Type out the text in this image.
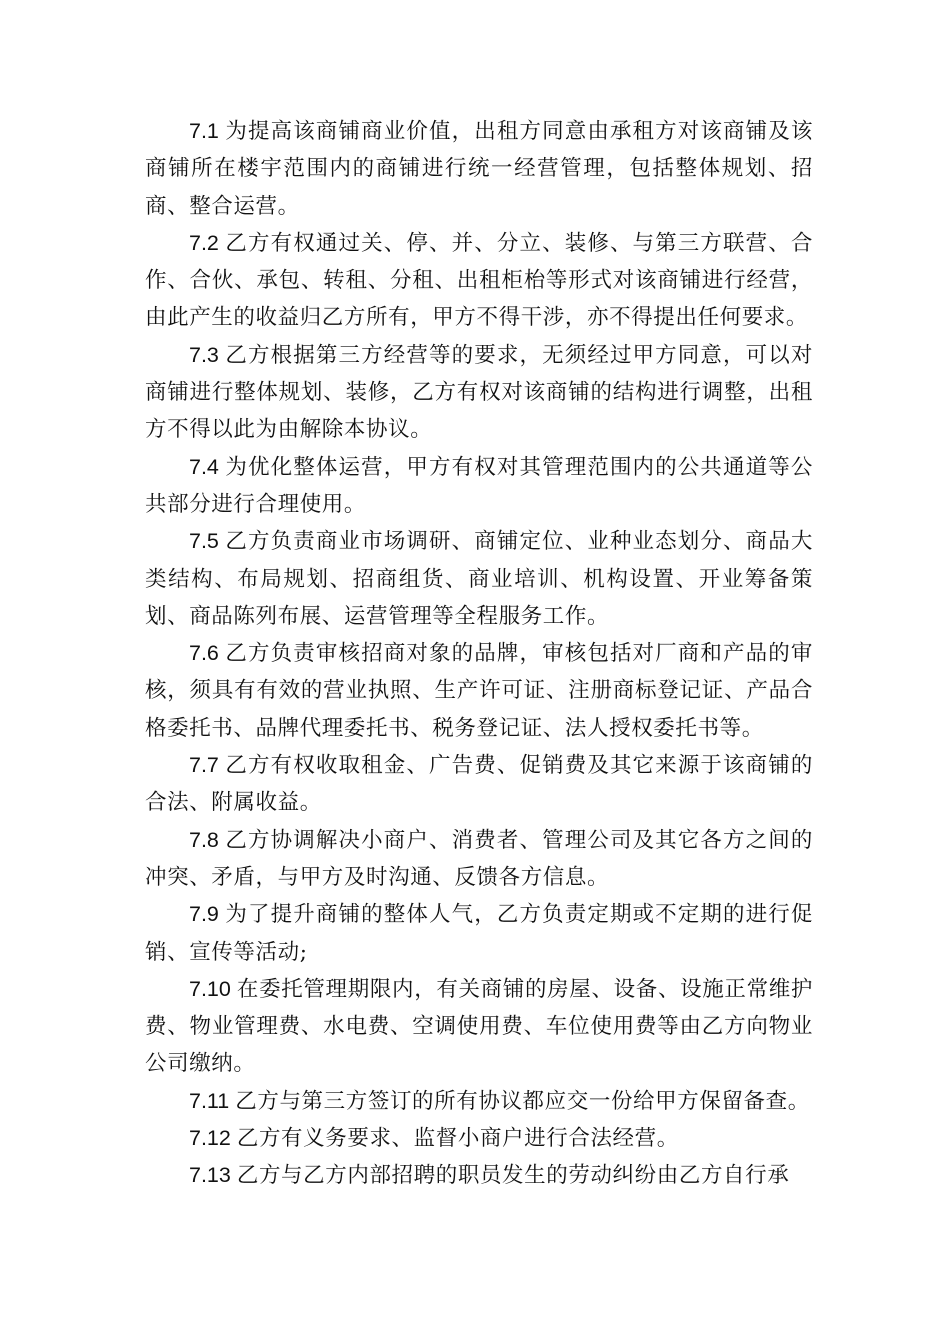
7.1 为提高该商铺商业价值，出租方同意由承租方对该商铺及该商铺所在楼宇范围内的商铺进行统一经营管理，包括整体规划、招商、整合运营。

7.2 乙方有权通过关、停、并、分立、装修、与第三方联营、合作、合伙、承包、转租、分租、出租柜枱等形式对该商铺进行经营，由此产生的收益归乙方所有，甲方不得干涉，亦不得提出任何要求。

7.3 乙方根据第三方经营等的要求，无须经过甲方同意，可以对商铺进行整体规划、装修，乙方有权对该商铺的结构进行调整，出租方不得以此为由解除本协议。

7.4 为优化整体运营，甲方有权对其管理范围内的公共通道等公共部分进行合理使用。

7.5 乙方负责商业市场调研、商铺定位、业种业态划分、商品大类结构、布局规划、招商组货、商业培训、机构设置、开业筹备策划、商品陈列布展、运营管理等全程服务工作。

7.6 乙方负责审核招商对象的品牌，审核包括对厂商和产品的审核，须具有有效的营业执照、生产许可证、注册商标登记证、产品合格委托书、品牌代理委托书、税务登记证、法人授权委托书等。

7.7 乙方有权收取租金、广告费、促销费及其它来源于该商铺的合法、附属收益。

7.8 乙方协调解决小商户、消费者、管理公司及其它各方之间的冲突、矛盾，与甲方及时沟通、反馈各方信息。

7.9 为了提升商铺的整体人气，乙方负责定期或不定期的进行促销、宣传等活动;

7.10 在委托管理期限内，有关商铺的房屋、设备、设施正常维护费、物业管理费、水电费、空调使用费、车位使用费等由乙方向物业公司缴纳。

7.11 乙方与第三方签订的所有协议都应交一份给甲方保留备查。

7.12 乙方有义务要求、监督小商户进行合法经营。

7.13 乙方与乙方内部招聘的职员发生的劳动纠纷由乙方自行承
